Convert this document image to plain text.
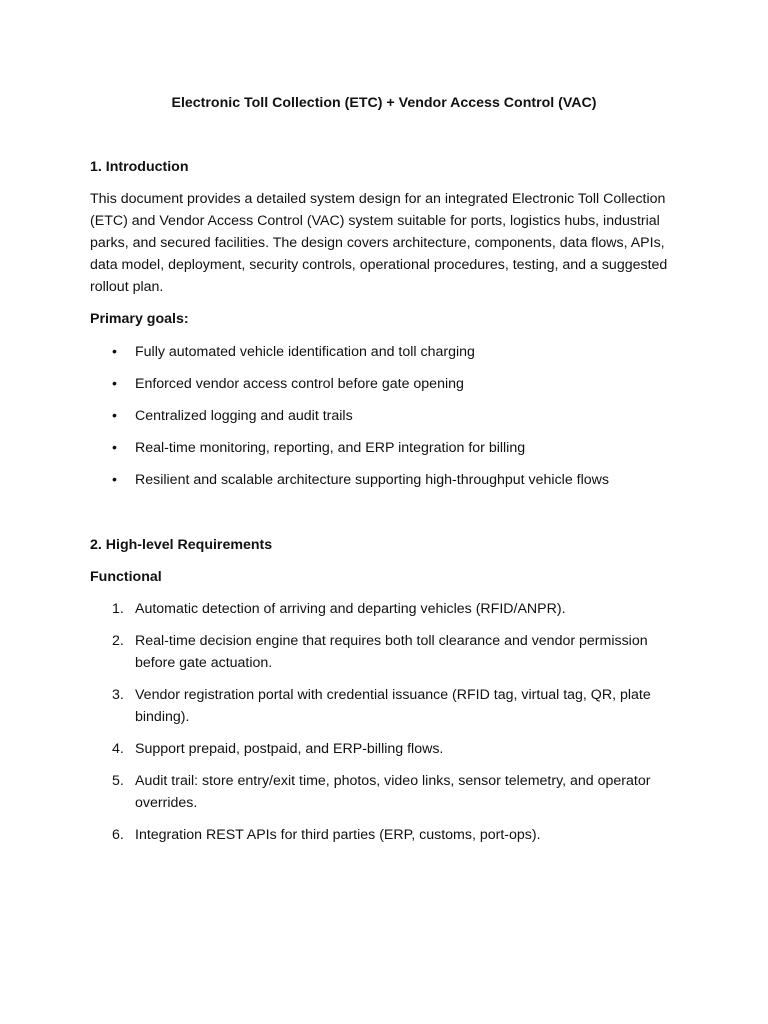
Electronic Toll Collection (ETC) + Vendor Access Control (VAC)
1. Introduction

This document provides a detailed system design for an integrated Electronic Toll Collection (ETC) and Vendor Access Control (VAC) system suitable for ports, logistics hubs, industrial parks, and secured facilities. The design covers architecture, components, data flows, APIs, data model, deployment, security controls, operational procedures, testing, and a suggested rollout plan.

Primary goals:

• Fully automated vehicle identification and toll charging
• Enforced vendor access control before gate opening
• Centralized logging and audit trails
• Real-time monitoring, reporting, and ERP integration for billing
• Resilient and scalable architecture supporting high-throughput vehicle flows
2. High-level Requirements

Functional

1. Automatic detection of arriving and departing vehicles (RFID/ANPR).
2. Real-time decision engine that requires both toll clearance and vendor permission before gate actuation.
3. Vendor registration portal with credential issuance (RFID tag, virtual tag, QR, plate binding).
4. Support prepaid, postpaid, and ERP-billing flows.
5. Audit trail: store entry/exit time, photos, video links, sensor telemetry, and operator overrides.
6. Integration REST APIs for third parties (ERP, customs, port-ops).
